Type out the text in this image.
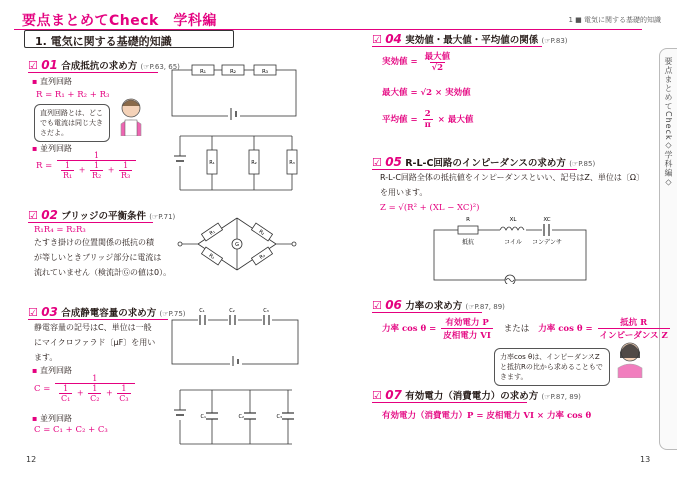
要点まとめてCheck　学科編	1 ■ 電気に関する基礎的知識
1. 電気に関する基礎的知識
要点まとめてCheck◇学科編◇
☑ 01 合成抵抗の求め方 (☞P.63, 65)
▪ 直列回路
R = R₁ + R₂ + R₃
直列回路とは、どこでも電流は同じ大きさだよ。
R₁	R₂	R₃
▪ 並列回路
$R = \frac{1}{\frac{1}{\text{R₁}} + \frac{1}{\text{R₂}} + \frac{1}{\text{R₃}}}$	R₁	R₂	R₃
☑ 02 ブリッジの平衡条件 (☞P.71)
R₁R₄ = R₂R₃
たすき掛けの位置関係の抵抗の積
が等しいときブリッジ部分に電流は
流れていません（検流計Ⓖの値は0）。
R₁	R₂
R₃	R₄
G
☑ 03 合成静電容量の求め方 (☞P.75)
静電容量の記号はC、単位は一般
にマイクロファラド〔μF〕を用い
ます。
▪ 直列回路
$C = \frac{1}{\frac{1}{\text{C₁}} + \frac{1}{\text{C₂}} + \frac{1}{\text{C₃}}}$
▪ 並列回路
C = C₁ + C₂ + C₃
C₁	C₂	C₃
C₁	C₂	C₃
12
☑ 04 実効値・最大値・平均値の関係 (☞P.83)
実効値 = $\frac{\text{最大値}}{√2}$
最大値 = √2 × 実効値
平均値 = $\frac{2}{\pi}$ × 最大値
☑ 05 R-L-C回路のインピーダンスの求め方 (☞P.85)
R-L-C回路全体の抵抗値をインピーダンスといい、記号はZ、単位は〔Ω〕
を用います。
Z = √(R² + (XL − XC)²)
R	XL	XC
抵抗	コイル コンデンサ
☑ 06 力率の求め方 (☞P.87, 89)
力率 $\cos \theta = \frac{\text{有効電力 P}}{\text{皮相電力 VI}}$ または 力率 $\cos \theta = \frac{\text{抵抗 R}}{\text{インピーダンス Z}}$
力率cos θは、インピーダンスZと抵抗Rの比から求めることもできます。
☑ 07 有効電力（消費電力）の求め方 (☞P.87, 89)
有効電力（消費電力）P = 皮相電力 VI × 力率 cos θ
13
